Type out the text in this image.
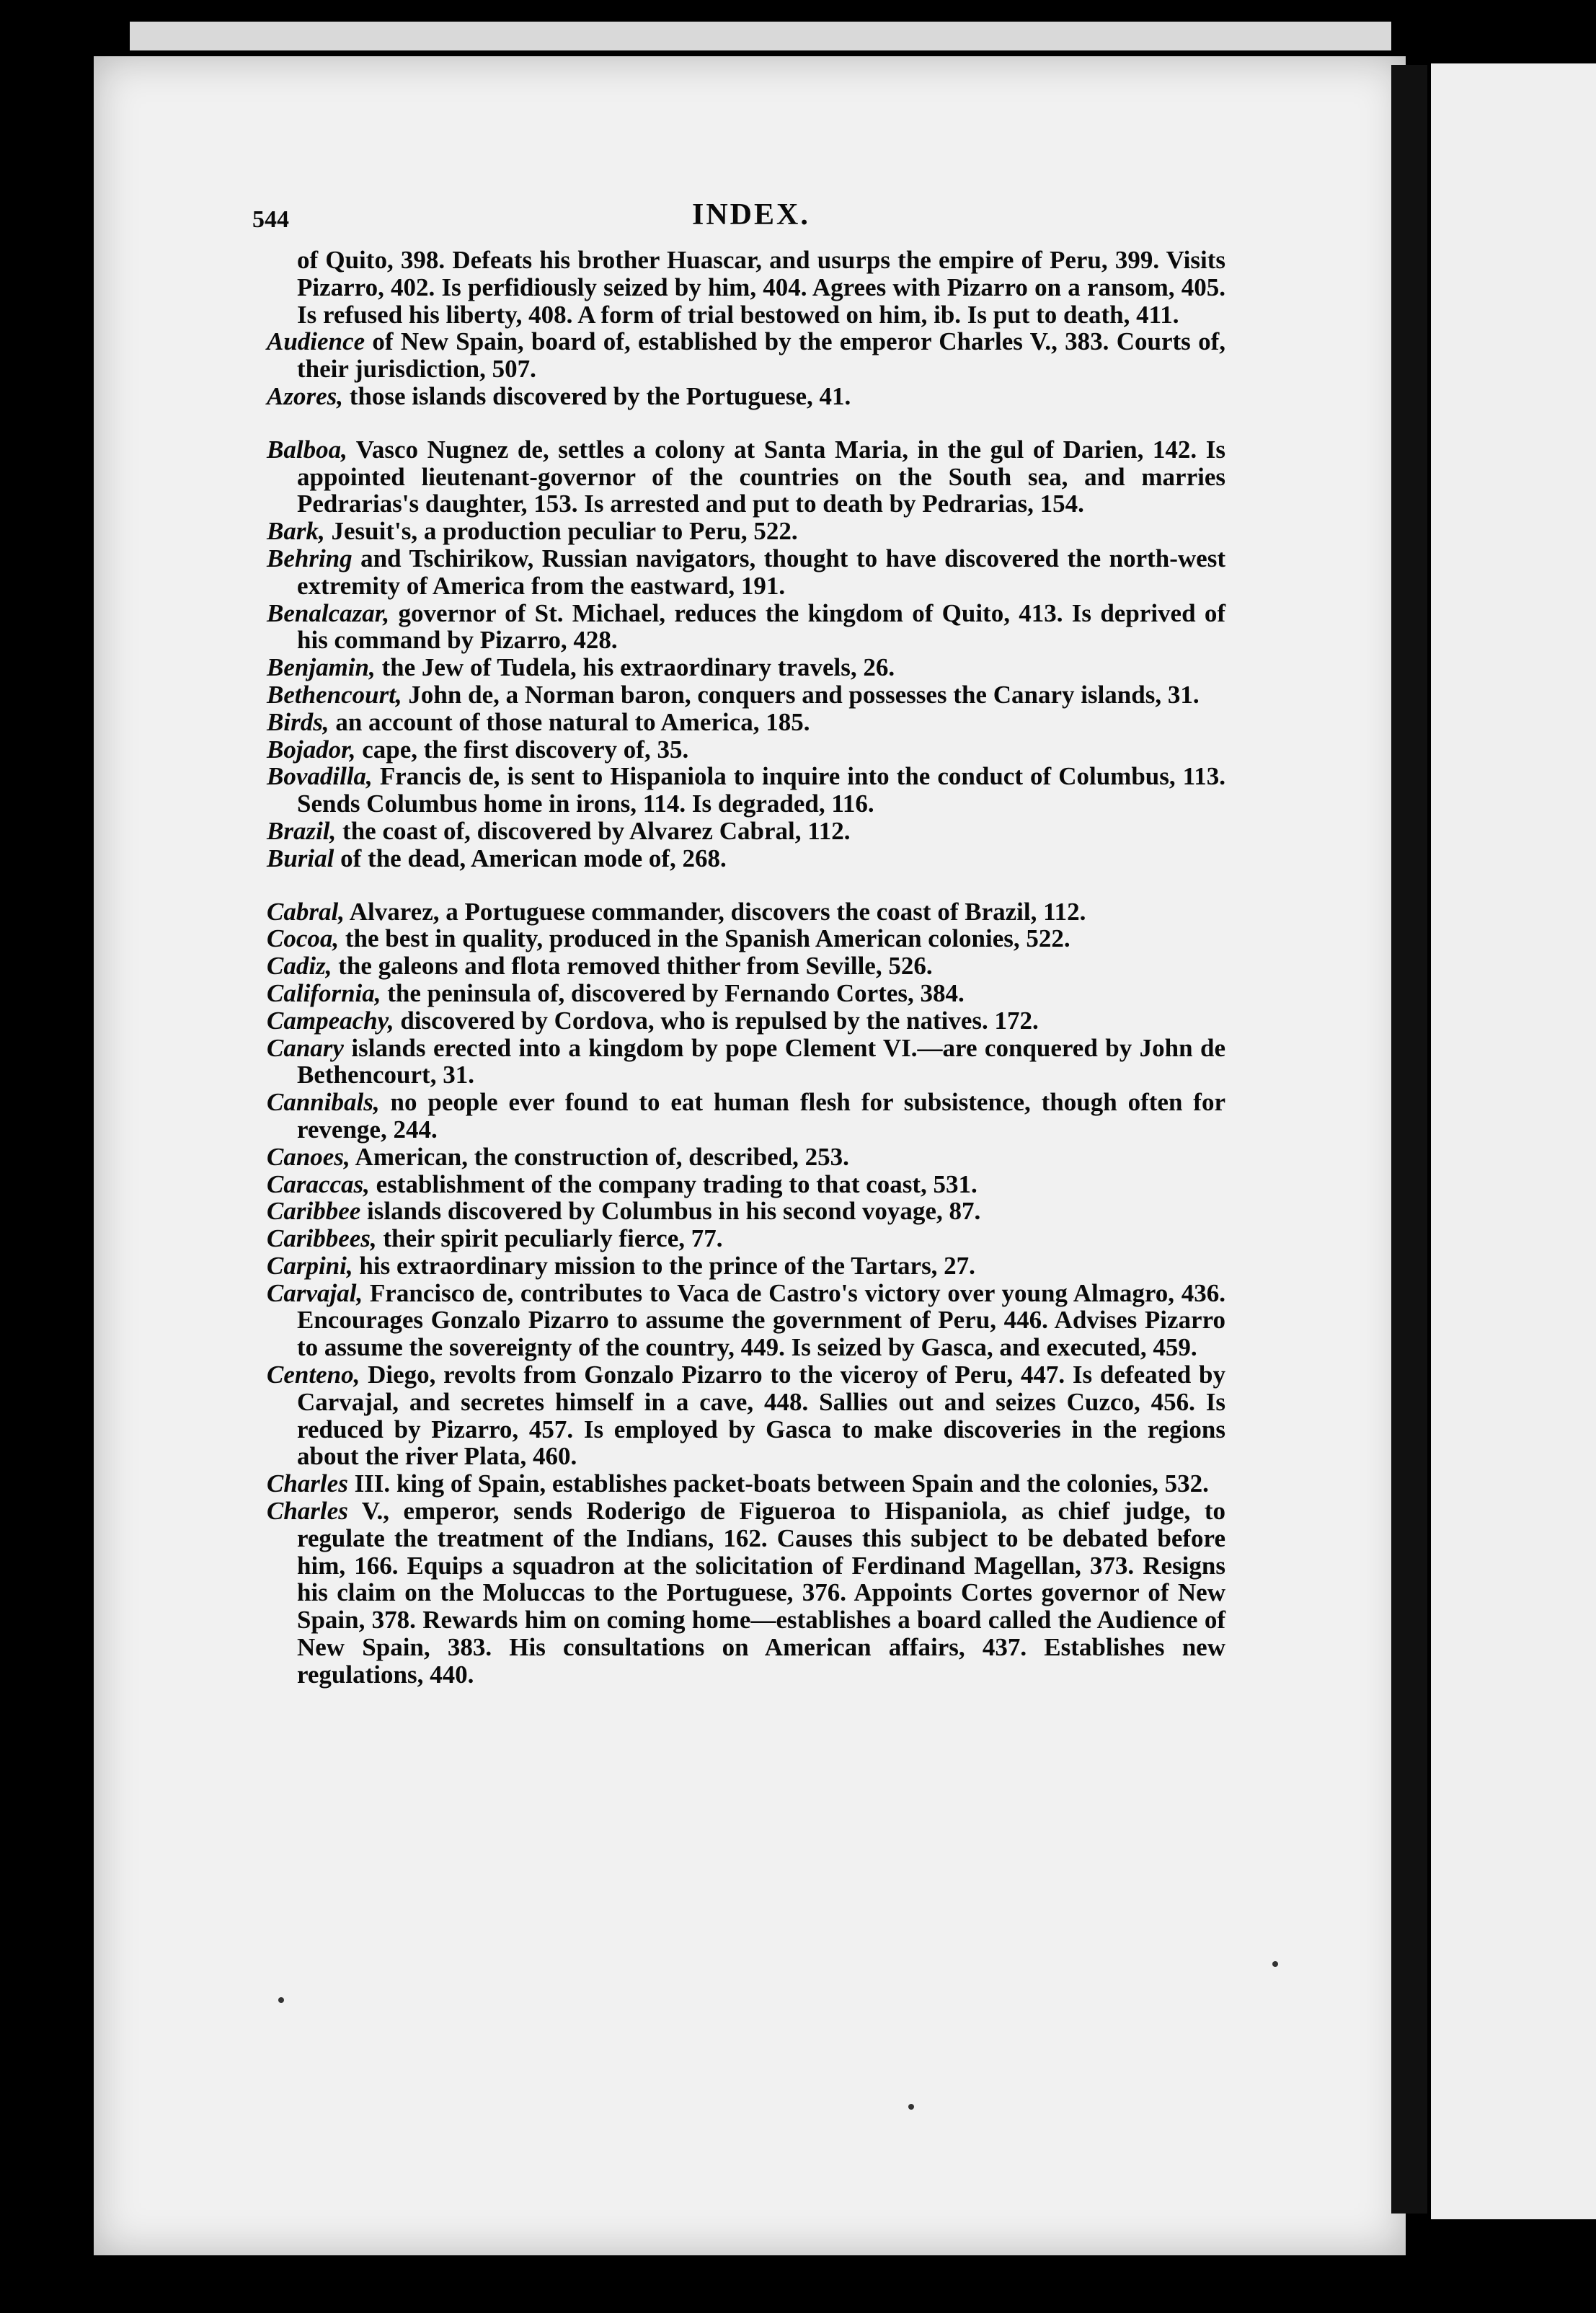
544	INDEX.
of Quito, 398. Defeats his brother Huascar, and usurps the empire of Peru, 399. Visits Pizarro, 402. Is perfidiously seized by him, 404. Agrees with Pizarro on a ransom, 405. Is refused his liberty, 408. A form of trial bestowed on him, ib. Is put to death, 411.
Audience of New Spain, board of, established by the emperor Charles V., 383. Courts of, their jurisdiction, 507.
Azores, those islands discovered by the Portuguese, 41.
Balboa, Vasco Nugnez de, settles a colony at Santa Maria, in the gul of Darien, 142. Is appointed lieutenant-governor of the countries on the South sea, and marries Pedrarias's daughter, 153. Is arrested and put to death by Pedrarias, 154.
Bark, Jesuit's, a production peculiar to Peru, 522.
Behring and Tschirikow, Russian navigators, thought to have discovered the north-west extremity of America from the eastward, 191.
Benalcazar, governor of St. Michael, reduces the kingdom of Quito, 413. Is deprived of his command by Pizarro, 428.
Benjamin, the Jew of Tudela, his extraordinary travels, 26.
Bethencourt, John de, a Norman baron, conquers and possesses the Canary islands, 31.
Birds, an account of those natural to America, 185.
Bojador, cape, the first discovery of, 35.
Bovadilla, Francis de, is sent to Hispaniola to inquire into the conduct of Columbus, 113. Sends Columbus home in irons, 114. Is degraded, 116.
Brazil, the coast of, discovered by Alvarez Cabral, 112.
Burial of the dead, American mode of, 268.
Cabral, Alvarez, a Portuguese commander, discovers the coast of Brazil, 112.
Cocoa, the best in quality, produced in the Spanish American colonies, 522.
Cadiz, the galeons and flota removed thither from Seville, 526.
California, the peninsula of, discovered by Fernando Cortes, 384.
Campeachy, discovered by Cordova, who is repulsed by the natives. 172.
Canary islands erected into a kingdom by pope Clement VI.—are conquered by John de Bethencourt, 31.
Cannibals, no people ever found to eat human flesh for subsistence, though often for revenge, 244.
Canoes, American, the construction of, described, 253.
Caraccas, establishment of the company trading to that coast, 531.
Caribbee islands discovered by Columbus in his second voyage, 87.
Caribbees, their spirit peculiarly fierce, 77.
Carpini, his extraordinary mission to the prince of the Tartars, 27.
Carvajal, Francisco de, contributes to Vaca de Castro's victory over young Almagro, 436. Encourages Gonzalo Pizarro to assume the government of Peru, 446. Advises Pizarro to assume the sovereignty of the country, 449. Is seized by Gasca, and executed, 459.
Centeno, Diego, revolts from Gonzalo Pizarro to the viceroy of Peru, 447. Is defeated by Carvajal, and secretes himself in a cave, 448. Sallies out and seizes Cuzco, 456. Is reduced by Pizarro, 457. Is employed by Gasca to make discoveries in the regions about the river Plata, 460.
Charles III. king of Spain, establishes packet-boats between Spain and the colonies, 532.
Charles V., emperor, sends Roderigo de Figueroa to Hispaniola, as chief judge, to regulate the treatment of the Indians, 162. Causes this subject to be debated before him, 166. Equips a squadron at the solicitation of Ferdinand Magellan, 373. Resigns his claim on the Moluccas to the Portuguese, 376. Appoints Cortes governor of New Spain, 378. Rewards him on coming home—establishes a board called the Audience of New Spain, 383. His consultations on American affairs, 437. Establishes new regulations, 440.
